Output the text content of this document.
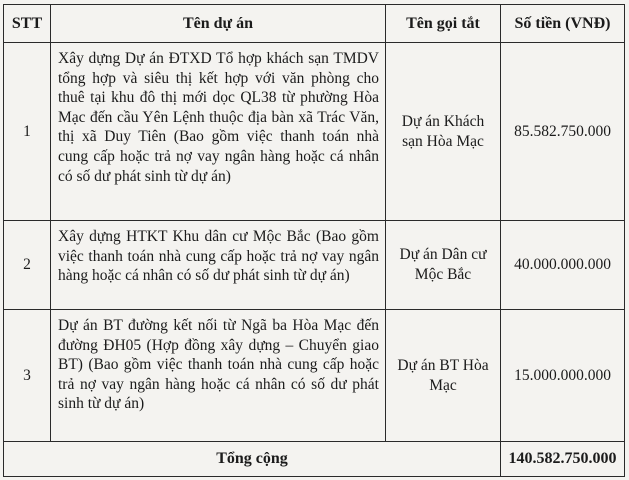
STT	Tên dự án	Tên gọi tắt	Số tiền (VNĐ)
1	Xây dựng Dự án ĐTXD Tổ hợp khách sạn TMDV tổng hợp và siêu thị kết hợp với văn phòng cho thuê tại khu đô thị mới dọc QL38 từ phường Hòa Mạc đến cầu Yên Lệnh thuộc địa bàn xã Trác Văn, thị xã Duy Tiên (Bao gồm việc thanh toán nhà cung cấp hoặc trả nợ vay ngân hàng hoặc cá nhân có số dư phát sinh từ dự án)	Dự án Khách sạn Hòa Mạc	85.582.750.000
2	Xây dựng HTKT Khu dân cư Mộc Bắc (Bao gồm việc thanh toán nhà cung cấp hoặc trả nợ vay ngân hàng hoặc cá nhân có số dư phát sinh từ dự án)	Dự án Dân cư Mộc Bắc	40.000.000.000
3	Dự án BT đường kết nối từ Ngã ba Hòa Mạc đến đường ĐH05 (Hợp đồng xây dựng – Chuyển giao BT) (Bao gồm việc thanh toán nhà cung cấp hoặc trả nợ vay ngân hàng hoặc cá nhân có số dư phát sinh từ dự án)	Dự án BT Hòa Mạc	15.000.000.000
Tổng cộng			140.582.750.000
